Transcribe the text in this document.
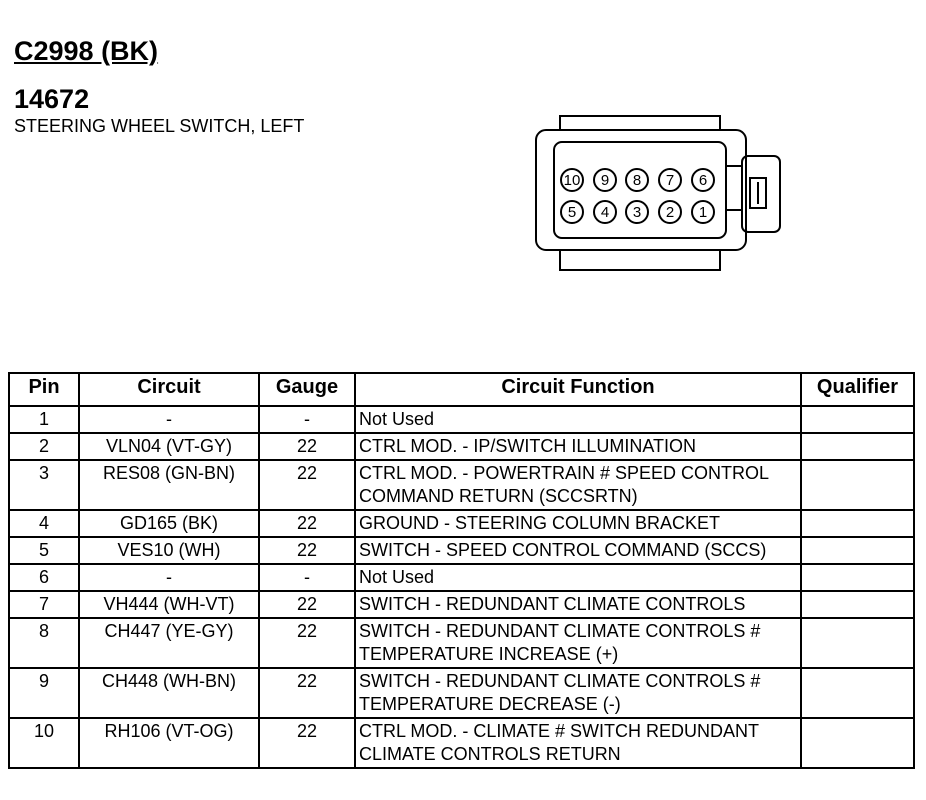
C2998 (BK)
14672

STEERING WHEEL SWITCH, LEFT

10 9 8 7 6
5 4 3 2 1
Pin	Circuit	Gauge	Circuit Function	Qualifier
1	-	-	Not Used	

2	VLN04 (VT-GY)	22	CTRL MOD. - IP/SWITCH ILLUMINATION	

3	RES08 (GN-BN)	22	CTRL MOD. - POWERTRAIN # SPEED CONTROL
COMMAND RETURN (SCCSRTN)	

4	GD165 (BK)	22	GROUND - STEERING COLUMN BRACKET	

5	VES10 (WH)	22	SWITCH - SPEED CONTROL COMMAND (SCCS)	

6	-	-	Not Used	

7	VH444 (WH-VT)	22	SWITCH - REDUNDANT CLIMATE CONTROLS	

8	CH447 (YE-GY)	22	SWITCH - REDUNDANT CLIMATE CONTROLS #
TEMPERATURE INCREASE (+)	

9	CH448 (WH-BN)	22	SWITCH - REDUNDANT CLIMATE CONTROLS #
TEMPERATURE DECREASE (-)	

10	RH106 (VT-OG)	22	CTRL MOD. - CLIMATE # SWITCH REDUNDANT
CLIMATE CONTROLS RETURN	
